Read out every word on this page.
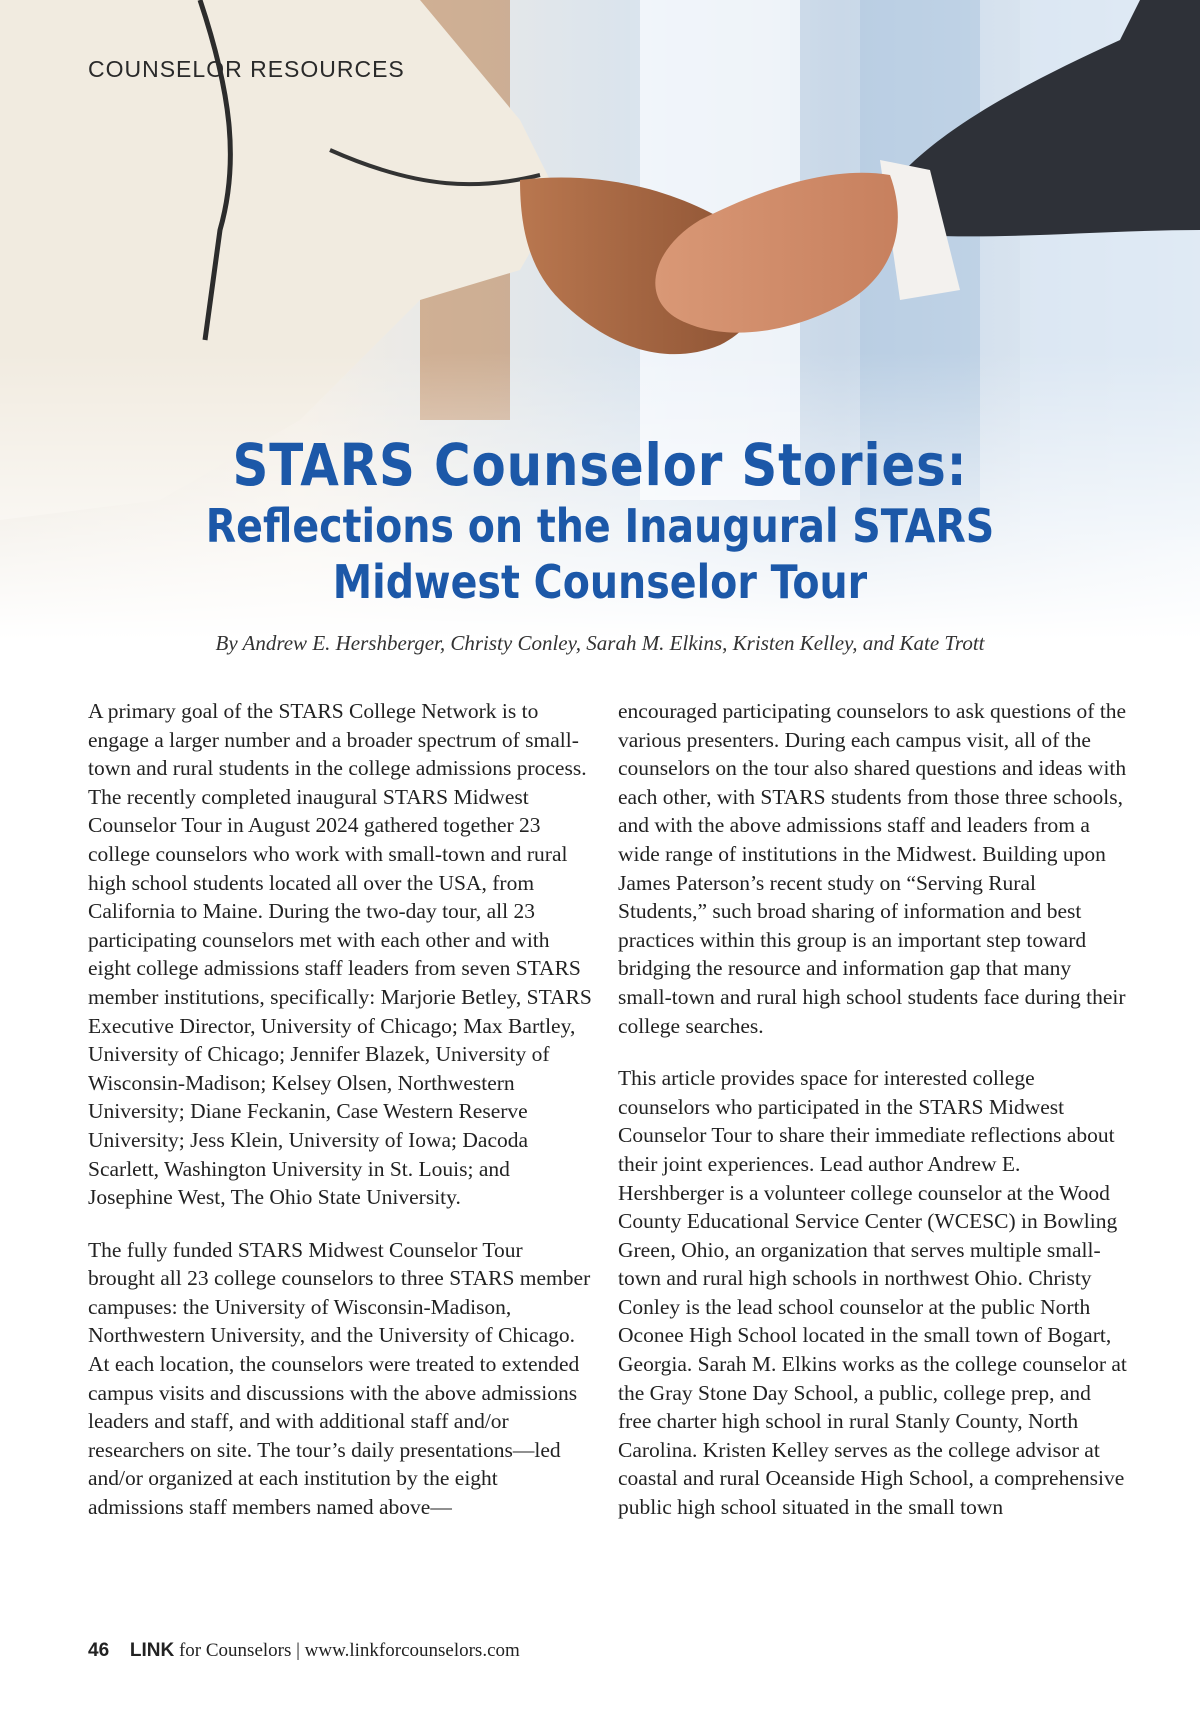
COUNSELOR RESOURCES
STARS Counselor Stories:
Reflections on the Inaugural STARS
Midwest Counselor Tour
By Andrew E. Hershberger, Christy Conley, Sarah M. Elkins, Kristen Kelley, and Kate Trott

A primary goal of the STARS College Network is to engage a larger number and a broader spectrum of small-town and rural students in the college admissions process. The recently completed inaugural STARS Midwest Counselor Tour in August 2024 gathered together 23 college counselors who work with small-town and rural high school students located all over the USA, from California to Maine. During the two-day tour, all 23 participating counselors met with each other and with eight college admissions staff leaders from seven STARS member institutions, specifically: Marjorie Betley, STARS Executive Director, University of Chicago; Max Bartley, University of Chicago; Jennifer Blazek, University of Wisconsin-Madison; Kelsey Olsen, Northwestern University; Diane Feckanin, Case Western Reserve University; Jess Klein, University of Iowa; Dacoda Scarlett, Washington University in St. Louis; and Josephine West, The Ohio State University.

The fully funded STARS Midwest Counselor Tour brought all 23 college counselors to three STARS member campuses: the University of Wisconsin-Madison, Northwestern University, and the University of Chicago. At each location, the counselors were treated to extended campus visits and discussions with the above admissions leaders and staff, and with additional staff and/or researchers on site. The tour’s daily presentations—led and/or organized at each institution by the eight admissions staff members named above—

encouraged participating counselors to ask questions of the various presenters. During each campus visit, all of the counselors on the tour also shared questions and ideas with each other, with STARS students from those three schools, and with the above admissions staff and leaders from a wide range of institutions in the Midwest. Building upon James Paterson’s recent study on “Serving Rural Students,” such broad sharing of information and best practices within this group is an important step toward bridging the resource and information gap that many small-town and rural high school students face during their college searches.

This article provides space for interested college counselors who participated in the STARS Midwest Counselor Tour to share their immediate reflections about their joint experiences. Lead author Andrew E. Hershberger is a volunteer college counselor at the Wood County Educational Service Center (WCESC) in Bowling Green, Ohio, an organization that serves multiple small-town and rural high schools in northwest Ohio. Christy Conley is the lead school counselor at the public North Oconee High School located in the small town of Bogart, Georgia. Sarah M. Elkins works as the college counselor at the Gray Stone Day School, a public, college prep, and free charter high school in rural Stanly County, North Carolina. Kristen Kelley serves as the college advisor at coastal and rural Oceanside High School, a comprehensive public high school situated in the small town

46 LINK for Counselors | www.linkforcounselors.com
